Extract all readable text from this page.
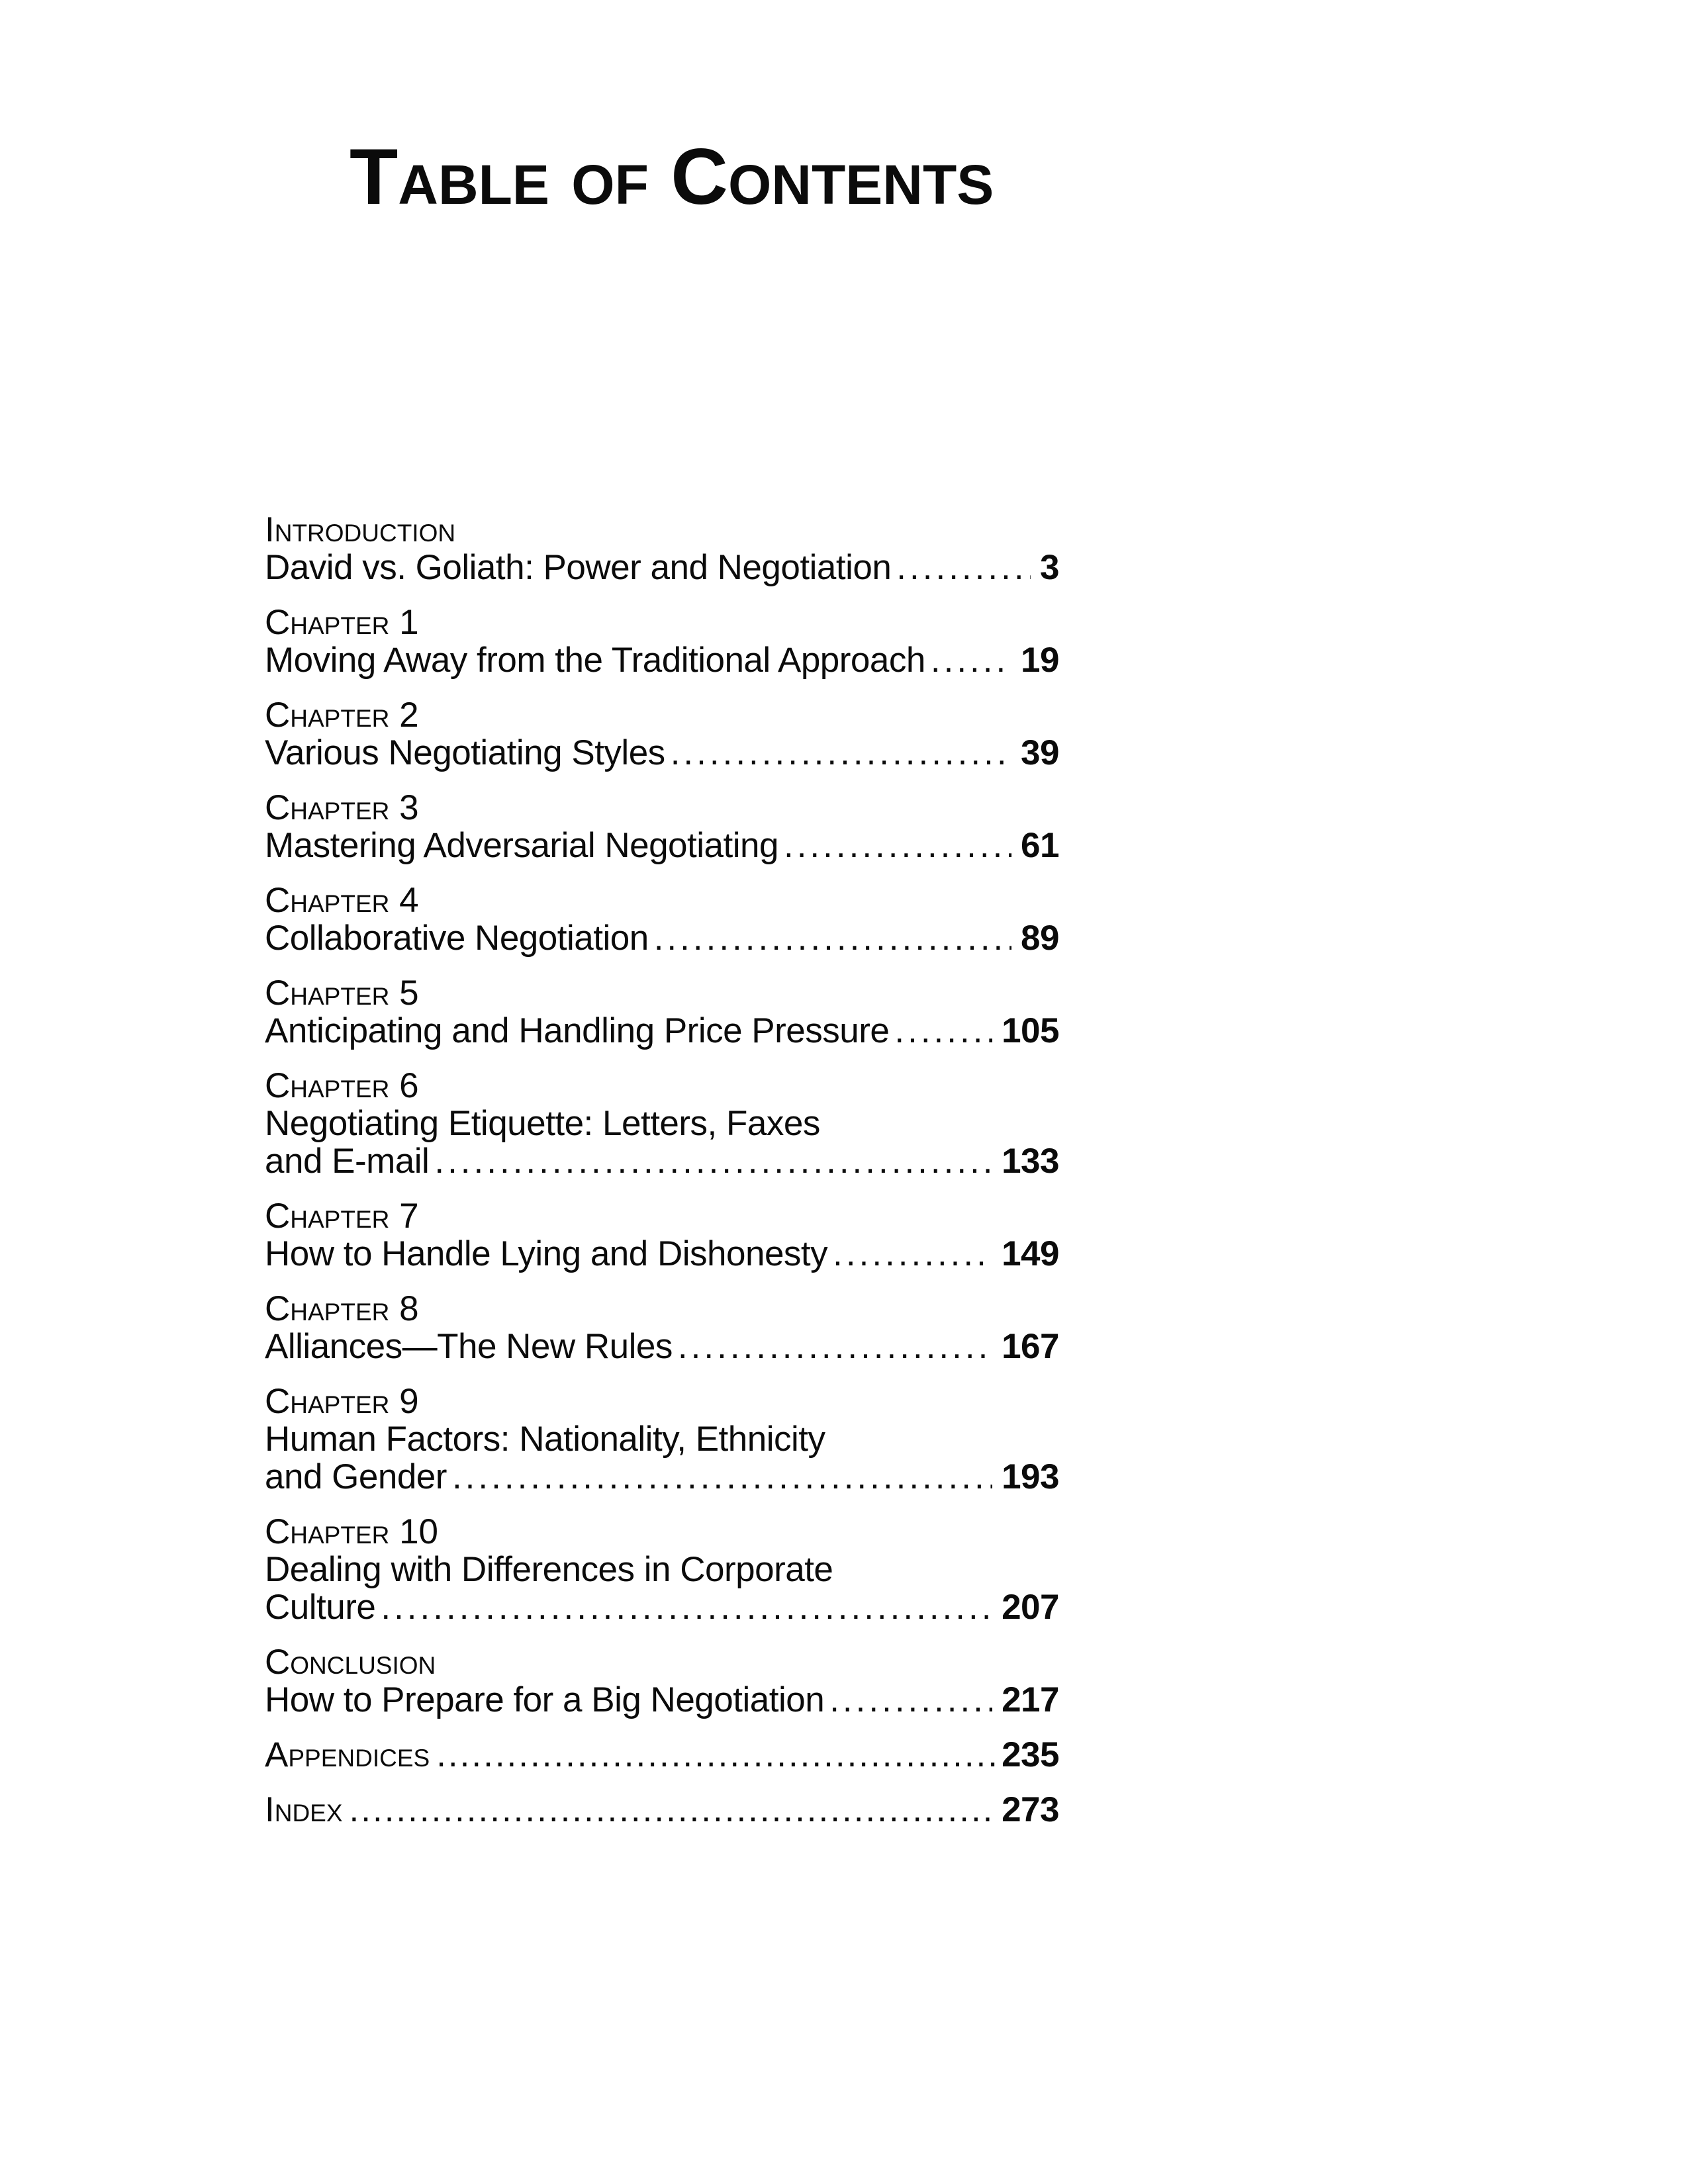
Table of Contents
Introduction
David vs. Goliath: Power and Negotiation .....	3
Chapter 1
Moving Away from the Traditional Approach .....	19
Chapter 2
Various Negotiating Styles .....	39
Chapter 3
Mastering Adversarial Negotiating .....	61
Chapter 4
Collaborative Negotiation .....	89
Chapter 5
Anticipating and Handling Price Pressure .....	105
Chapter 6
Negotiating Etiquette: Letters, Faxes
and E-mail .....	133
Chapter 7
How to Handle Lying and Dishonesty .....	149
Chapter 8
Alliances—The New Rules .....	167
Chapter 9
Human Factors: Nationality, Ethnicity
and Gender .....	193
Chapter 10
Dealing with Differences in Corporate
Culture .....	207
Conclusion
How to Prepare for a Big Negotiation .....	217
Appendices .....	235
Index .....	273
